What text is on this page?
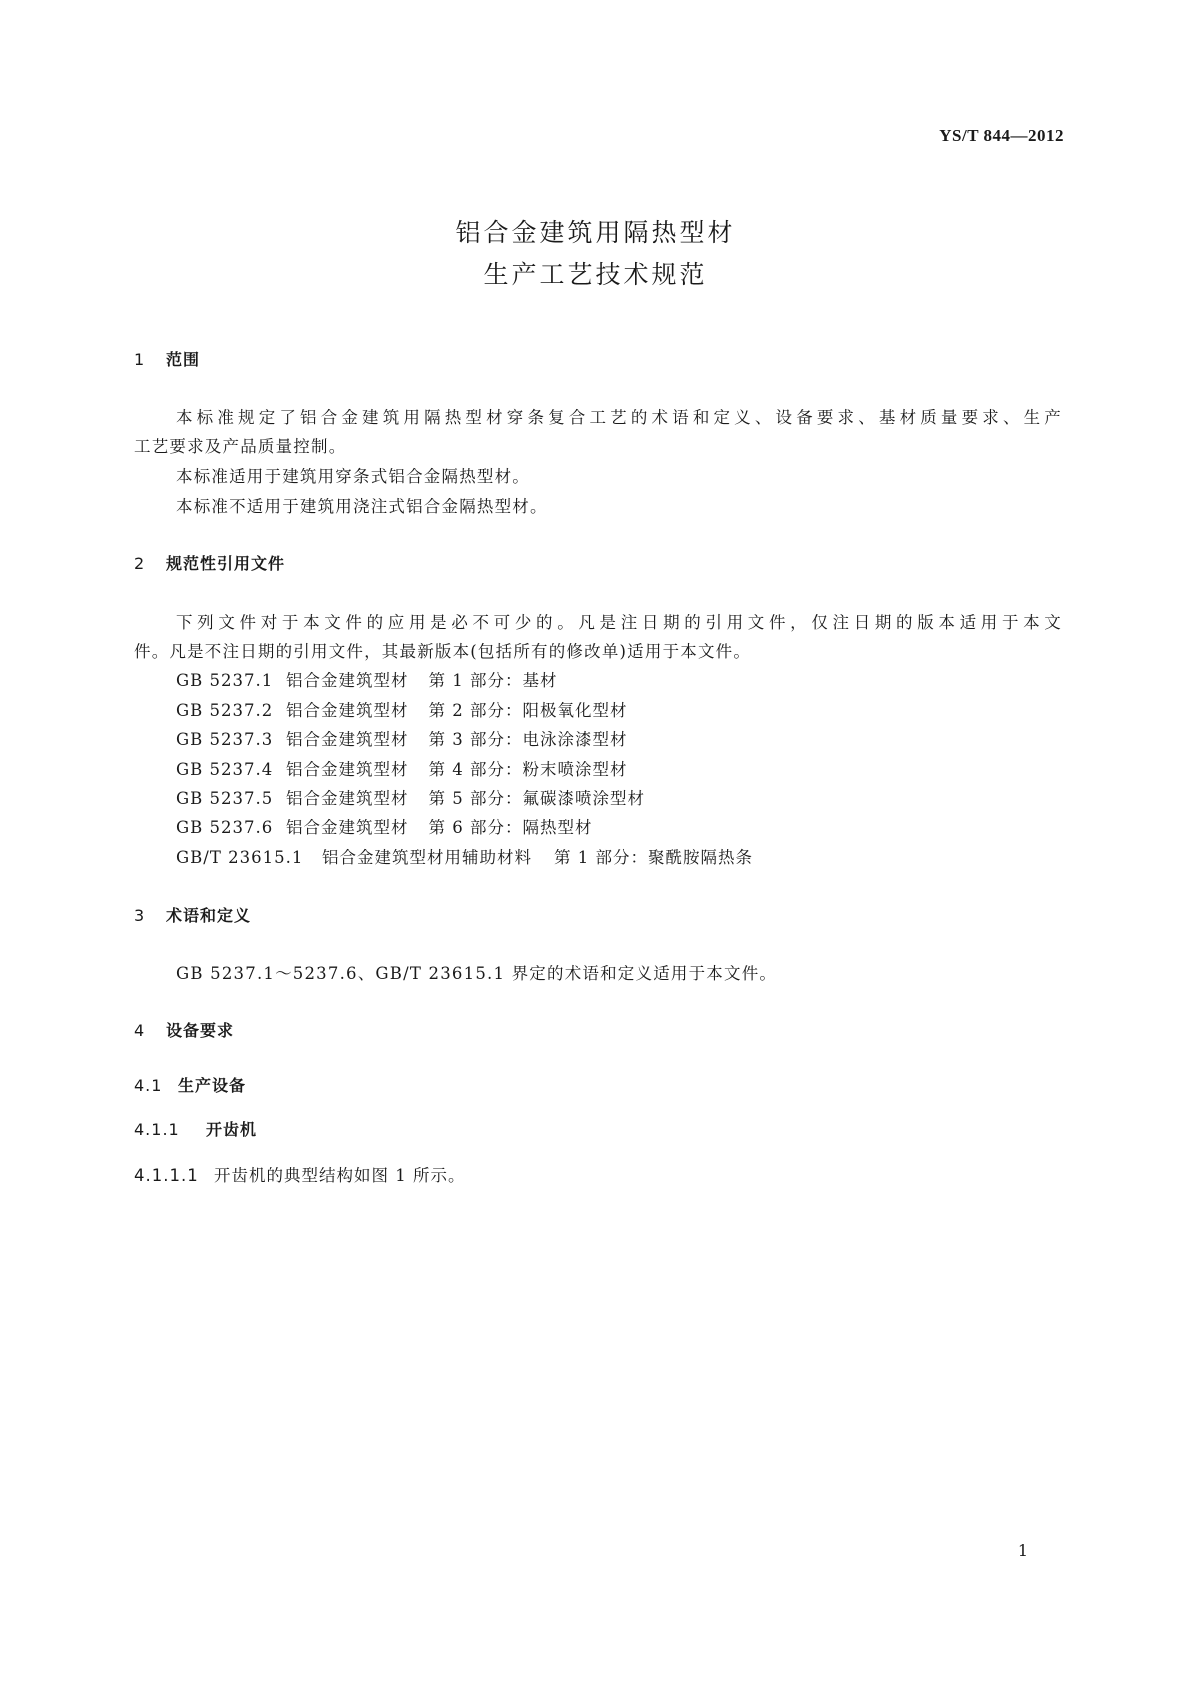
YS/T 844—2012
铝合金建筑用隔热型材
生产工艺技术规范
1 范围
本标准规定了铝合金建筑用隔热型材穿条复合工艺的术语和定义、设备要求、基材质量要求、生产
工艺要求及产品质量控制。
本标准适用于建筑用穿条式铝合金隔热型材。
本标准不适用于建筑用浇注式铝合金隔热型材。
2 规范性引用文件
下列文件对于本文件的应用是必不可少的。凡是注日期的引用文件，仅注日期的版本适用于本文
件。凡是不注日期的引用文件，其最新版本(包括所有的修改单)适用于本文件。
GB 5237.1 铝合金建筑型材 第 1 部分：基材
GB 5237.2 铝合金建筑型材 第 2 部分：阳极氧化型材
GB 5237.3 铝合金建筑型材 第 3 部分：电泳涂漆型材
GB 5237.4 铝合金建筑型材 第 4 部分：粉末喷涂型材
GB 5237.5 铝合金建筑型材 第 5 部分：氟碳漆喷涂型材
GB 5237.6 铝合金建筑型材 第 6 部分：隔热型材
GB/T 23615.1 铝合金建筑型材用辅助材料 第 1 部分：聚酰胺隔热条
3 术语和定义
GB 5237.1～5237.6、GB/T 23615.1 界定的术语和定义适用于本文件。
4 设备要求
4.1 生产设备
4.1.1 开齿机
4.1.1.1 开齿机的典型结构如图 1 所示。
1
